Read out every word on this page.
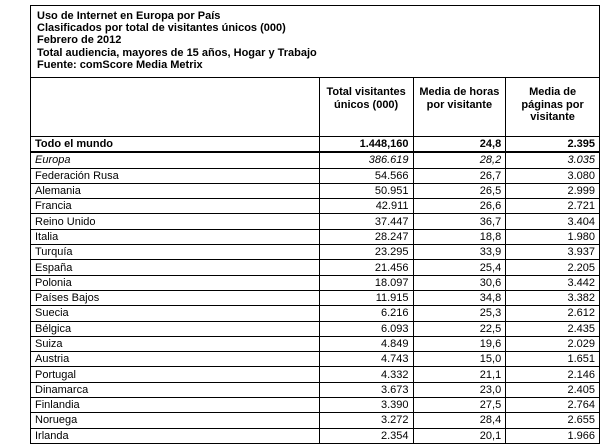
Uso de Internet en Europa por País
Clasificados por total de visitantes únicos (000)
Febrero de 2012
Total audiencia, mayores de 15 años, Hogar y Trabajo
Fuente: comScore Media Metrix
	Total visitantes únicos (000)	Media de horas por visitante	Media de páginas por visitante
Todo el mundo	1.448,160	24,8	2.395
Europa	386.619	28,2	3.035
Federación Rusa	54.566	26,7	3.080
Alemania	50.951	26,5	2.999
Francia	42.911	26,6	2.721
Reino Unido	37.447	36,7	3.404
Italia	28.247	18,8	1.980
Turquía	23.295	33,9	3.937
España	21.456	25,4	2.205
Polonia	18.097	30,6	3.442
Países Bajos	11.915	34,8	3.382
Suecia	6.216	25,3	2.612
Bélgica	6.093	22,5	2.435
Suiza	4.849	19,6	2.029
Austria	4.743	15,0	1.651
Portugal	4.332	21,1	2.146
Dinamarca	3.673	23,0	2.405
Finlandia	3.390	27,5	2.764
Noruega	3.272	28,4	2.655
Irlanda	2.354	20,1	1.966
